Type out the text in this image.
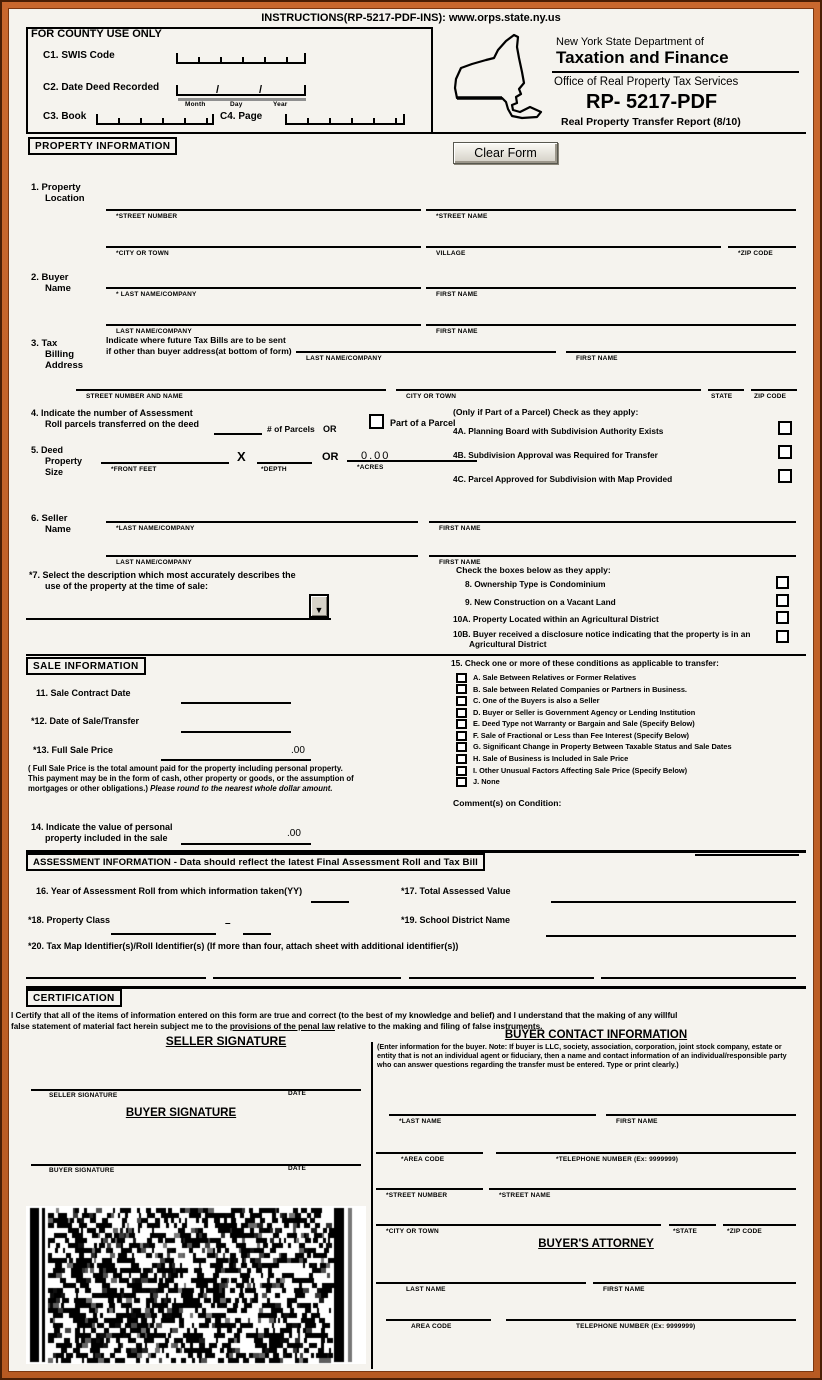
INSTRUCTIONS(RP-5217-PDF-INS): www.orps.state.ny.us
FOR COUNTY USE ONLY
C1. SWIS Code
C2. Date Deed Recorded	/	/
Month	Day	Year
C3. Book	C4. Page
New York State Department of
Taxation and Finance
Office of Real Property Tax Services
RP- 5217-PDF
Real Property Transfer Report (8/10)
PROPERTY INFORMATION	Clear Form
1. Property
Location
*STREET NUMBER	*STREET NAME
*CITY OR TOWN	VILLAGE	*ZIP CODE
2. Buyer
Name
* LAST NAME/COMPANY	FIRST NAME
LAST NAME/COMPANY	FIRST NAME
3. Tax
Billing
Address
Indicate where future Tax Bills are to be sent
if other than buyer address(at bottom of form)
LAST NAME/COMPANY	FIRST NAME
STREET NUMBER AND NAME	CITY OR TOWN	STATE	ZIP CODE
4. Indicate the number of Assessment
Roll parcels transferred on the deed	# of Parcels OR
Part of a Parcel
(Only if Part of a Parcel) Check as they apply:
4A. Planning Board with Subdivision Authority Exists
4B. Subdivision Approval was Required for Transfer
4C. Parcel Approved for Subdivision with Map Provided
5. Deed
Property
Size	*FRONT FEET
X
*DEPTH
OR	0.00
*ACRES
6. Seller
Name	*LAST NAME/COMPANY	FIRST NAME
LAST NAME/COMPANY	FIRST NAME
*7. Select the description which most accurately describes the
use of the property at the time of sale:
▼
Check the boxes below as they apply:
8. Ownership Type is Condominium
9. New Construction on a Vacant Land
10A. Property Located within an Agricultural District
10B. Buyer received a disclosure notice indicating that the property is in an
Agricultural District
SALE INFORMATION	15. Check one or more of these conditions as applicable to transfer:
A. Sale Between Relatives or Former Relatives
B. Sale between Related Companies or Partners in Business.
C. One of the Buyers is also a Seller
D. Buyer or Seller is Government Agency or Lending Institution
E. Deed Type not Warranty or Bargain and Sale (Specify Below)
F. Sale of Fractional or Less than Fee Interest (Specify Below)
G. Significant Change in Property Between Taxable Status and Sale Dates
H. Sale of Business is Included in Sale Price
I. Other Unusual Factors Affecting Sale Price (Specify Below)
J. None
Comment(s) on Condition:
11. Sale Contract Date
*12. Date of Sale/Transfer
*13. Full Sale Price	.00
( Full Sale Price is the total amount paid for the property including personal property.
This payment may be in the form of cash, other property or goods, or the assumption of
mortgages or other obligations.) Please round to the nearest whole dollar amount.
14. Indicate the value of personal
property included in the sale	.00
ASSESSMENT INFORMATION - Data should reflect the latest Final Assessment Roll and Tax Bill
16. Year of Assessment Roll from which information taken(YY)	*17. Total Assessed Value
*18. Property Class	–	*19. School District Name
*20. Tax Map Identifier(s)/Roll Identifier(s) (If more than four, attach sheet with additional identifier(s))
CERTIFICATION
I Certify that all of the items of information entered on this form are true and correct (to the best of my knowledge and belief) and I understand that the making of any willful
false statement of material fact herein subject me to the provisions of the penal law relative to the making and filing of false instruments.
SELLER SIGNATURE	BUYER CONTACT INFORMATION
(Enter information for the buyer. Note: If buyer is LLC, society, association, corporation, joint stock company, estate or entity that is not an individual agent or fiduciary, then a name and contact information of an individual/responsible party who can answer questions regarding the transfer must be entered. Type or print clearly.)
SELLER SIGNATURE	DATE
BUYER SIGNATURE
BUYER SIGNATURE	DATE
*LAST NAME	FIRST NAME
*AREA CODE	*TELEPHONE NUMBER (Ex: 9999999)
*STREET NUMBER	*STREET NAME
*CITY OR TOWN	*STATE	*ZIP CODE
BUYER'S ATTORNEY
LAST NAME	FIRST NAME
AREA CODE	TELEPHONE NUMBER (Ex: 9999999)
